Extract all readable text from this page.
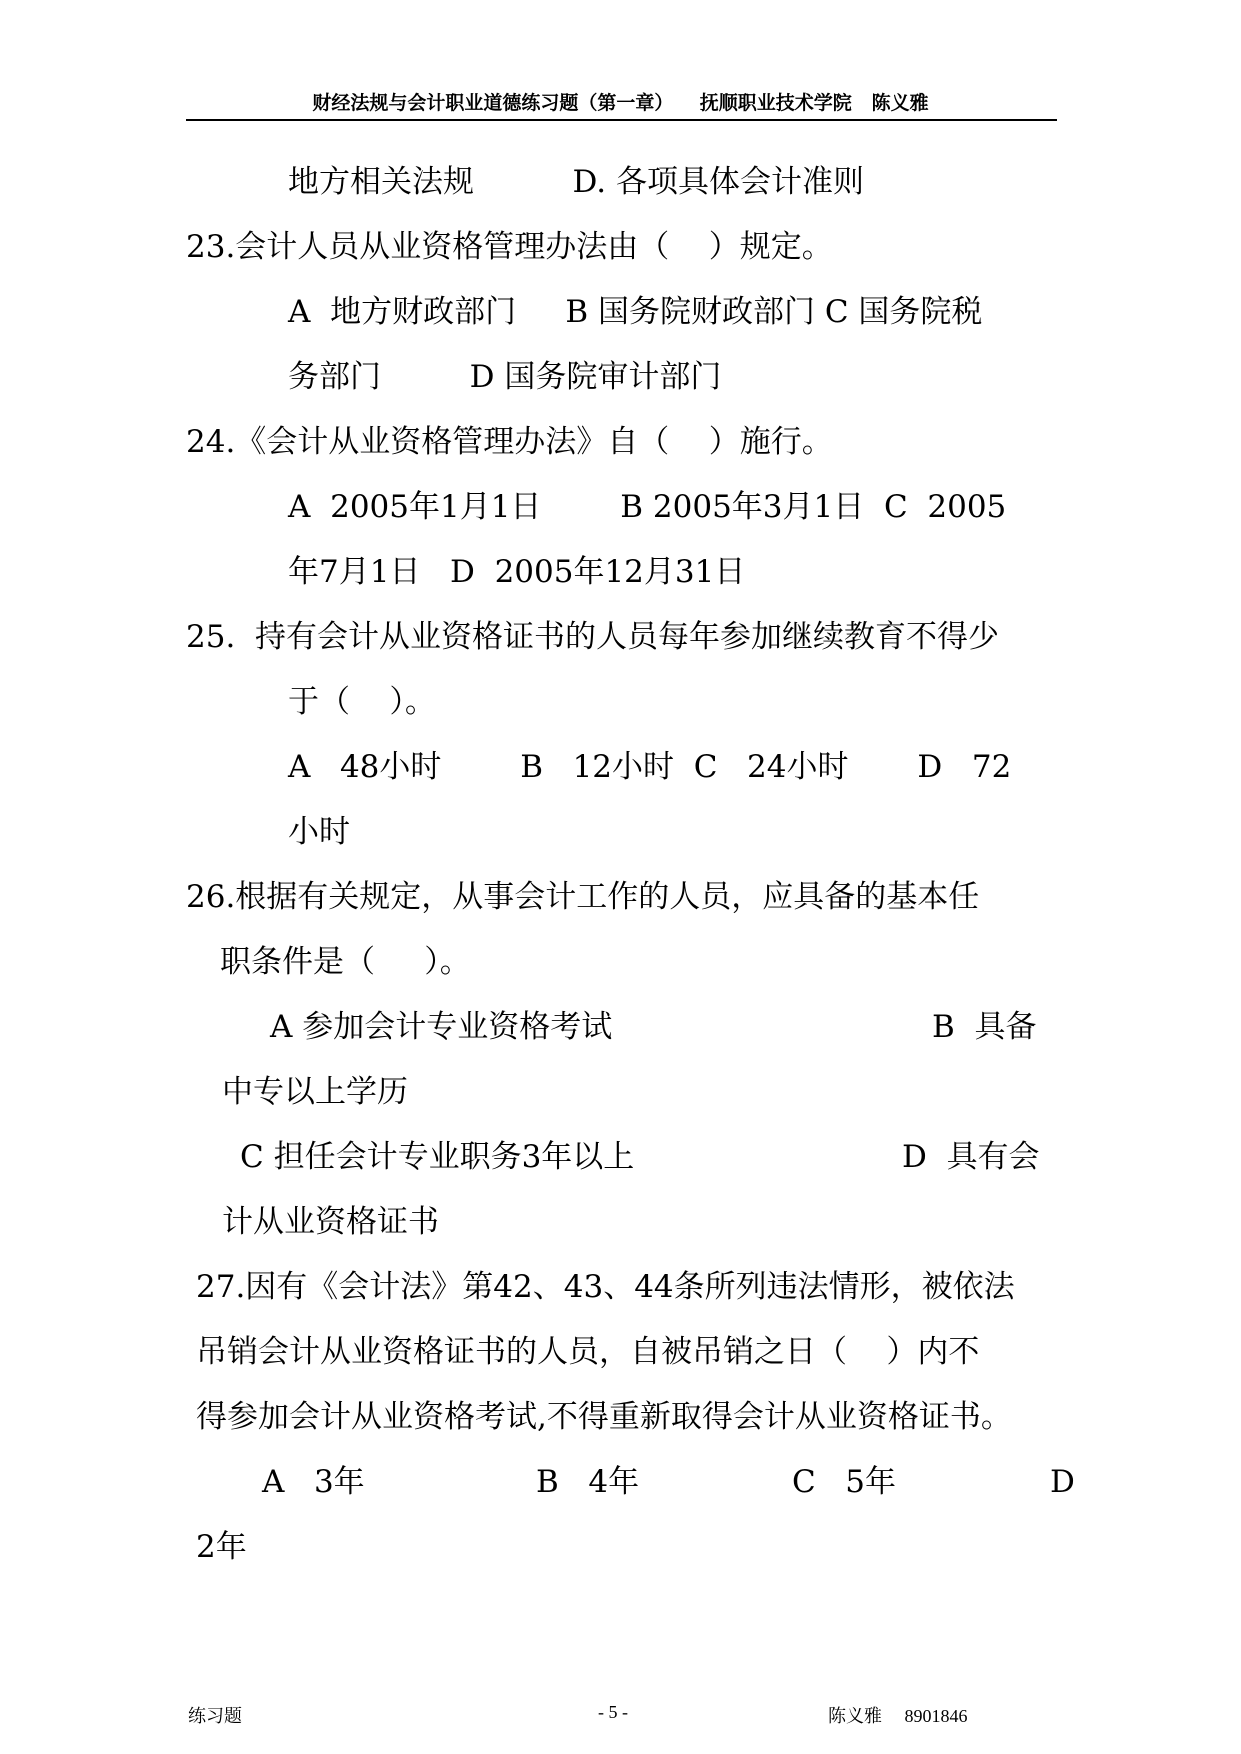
财经法规与会计职业道德练习题（第一章）    抚顺职业技术学院   陈义雅
地方相关法规          D. 各项具体会计准则
23.会计人员从业资格管理办法由（    ）规定。
A  地方财政部门     B 国务院财政部门 C 国务院税
务部门         D 国务院审计部门
24.《会计从业资格管理办法》自（    ）施行。
A  2005年1月1日        B 2005年3月1日  C  2005
年7月1日   D  2005年12月31日
25.  持有会计从业资格证书的人员每年参加继续教育不得少
于（    ）。
A   48小时        B   12小时  C   24小时       D   72
小时
26.根据有关规定，从事会计工作的人员，应具备的基本任
职条件是（     ）。
A 参加会计专业资格考试	B  具备
中专以上学历
C 担任会计专业职务3年以上	D  具有会
计从业资格证书
27.因有《会计法》第42、43、44条所列违法情形，被依法
吊销会计从业资格证书的人员，自被吊销之日（    ）内不
得参加会计从业资格考试,不得重新取得会计从业资格证书。
A   3年	B   4年	C   5年	D
2年
练习题	- 5 -	陈义雅     8901846
